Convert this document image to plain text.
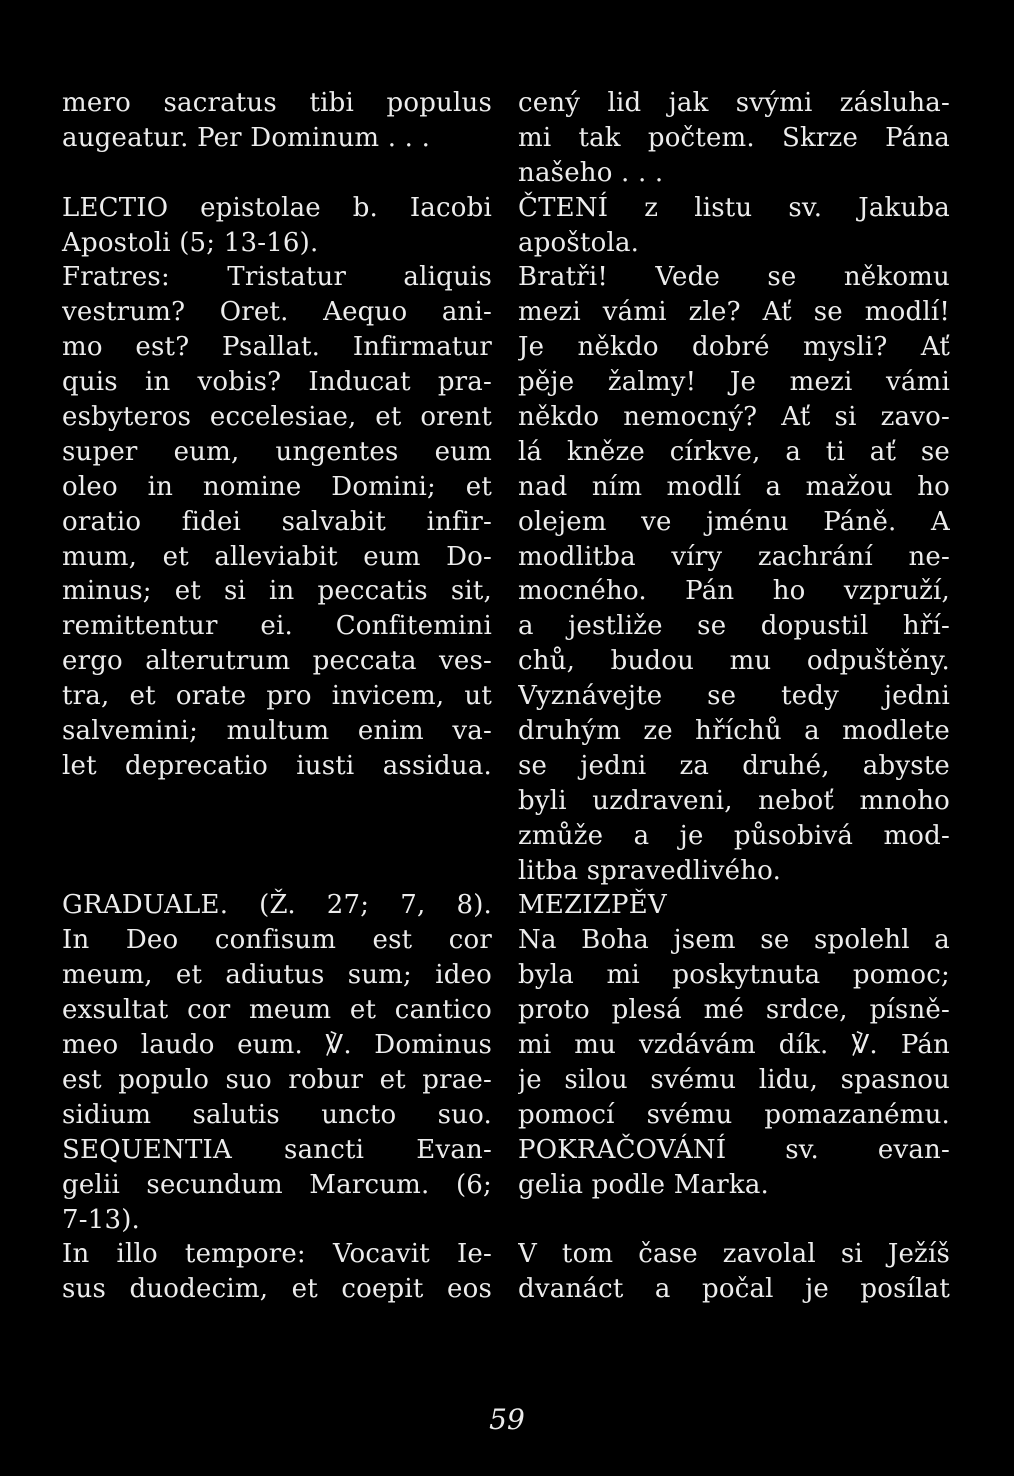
mero sacratus tibi populus
augeatur. Per Dominum . . .
LECTIO epistolae b. Iacobi
Apostoli (5; 13-16).
Fratres: Tristatur aliquis
vestrum? Oret. Aequo ani-
mo est? Psallat. Infirmatur
quis in vobis? Inducat pra-
esbyteros eccelesiae, et orent
super eum, ungentes eum
oleo in nomine Domini; et
oratio fidei salvabit infir-
mum, et alleviabit eum Do-
minus; et si in peccatis sit,
remittentur ei. Confitemini
ergo alterutrum peccata ves-
tra, et orate pro invicem, ut
salvemini; multum enim va-
let deprecatio iusti assidua.
GRADUALE. (Ž. 27; 7, 8).
In Deo confisum est cor
meum, et adiutus sum; ideo
exsultat cor meum et cantico
meo laudo eum. ℣. Dominus
est populo suo robur et prae-
sidium salutis uncto suo.
SEQUENTIA sancti Evan-
gelii secundum Marcum. (6;
7-13).
In illo tempore: Vocavit Ie-
sus duodecim, et coepit eos
cený lid jak svými zásluha-
mi tak počtem. Skrze Pána
našeho . . .
ČTENÍ z listu sv. Jakuba
apoštola.
Bratři! Vede se někomu
mezi vámi zle? Ať se modlí!
Je někdo dobré mysli? Ať
pěje žalmy! Je mezi vámi
někdo nemocný? Ať si zavo-
lá kněze církve, a ti ať se
nad ním modlí a mažou ho
olejem ve jménu Páně. A
modlitba víry zachrání ne-
mocného. Pán ho vzpruží,
a jestliže se dopustil hří-
chů, budou mu odpuštěny.
Vyznávejte se tedy jedni
druhým ze hříchů a modlete
se jedni za druhé, abyste
byli uzdraveni, neboť mnoho
zmůže a je působivá mod-
litba spravedlivého.
MEZIZPĚV
Na Boha jsem se spolehl a
byla mi poskytnuta pomoc;
proto plesá mé srdce, písně-
mi mu vzdávám dík. ℣. Pán
je silou svému lidu, spasnou
pomocí svému pomazanému.
POKRAČOVÁNÍ sv. evan-
gelia podle Marka.
V tom čase zavolal si Ježíš
dvanáct a počal je posílat
59
